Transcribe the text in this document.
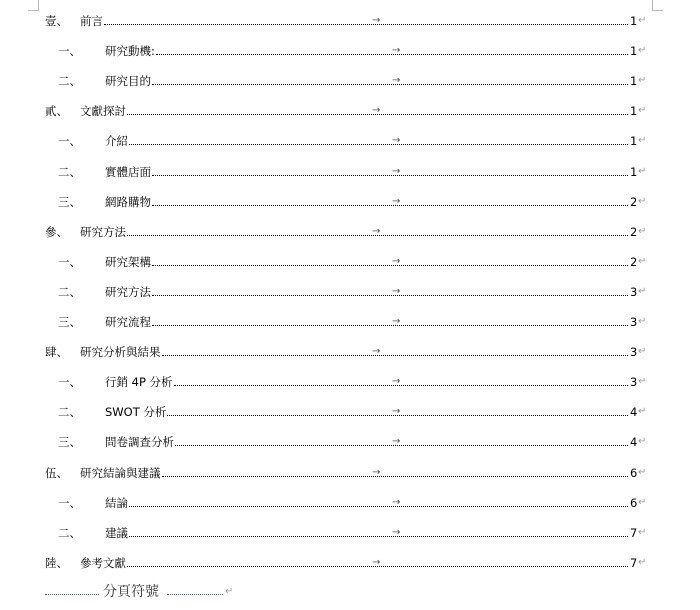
壹、 前言	→	1 ↵
一、 研究動機:	→	1 ↵
二、 研究目的	→	1 ↵
貳、 文獻探討	→	1 ↵
一、 介紹	→	1 ↵
二、 實體店面	→	1 ↵
三、 網路購物	→	2 ↵
參、 研究方法	→	2 ↵
一、 研究架構	→	2 ↵
二、 研究方法	→	3 ↵
三、 研究流程	→	3 ↵
肆、 研究分析與結果	→	3 ↵
一、 行銷 4P 分析	→	3 ↵
二、 SWOT 分析	→	4 ↵
三、 問卷調查分析	→	4 ↵
伍、 研究結論與建議	→	6 ↵
一、 結論	→	6 ↵
二、 建議	→	7 ↵
陸、 參考文獻	→	7 ↵
分頁符號	↵
